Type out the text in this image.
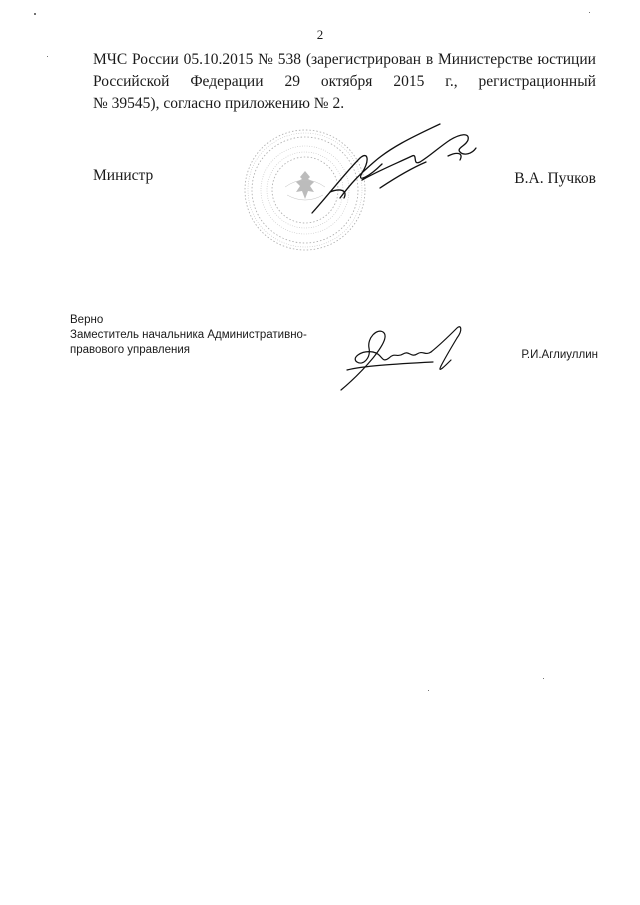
2
МЧС России 05.10.2015 № 538 (зарегистрирован в Министерстве юстиции
Российской Федерации 29 октября 2015 г., регистрационный
№ 39545), согласно приложению № 2.
Министр	В.А. Пучков
Верно
Заместитель начальника Административно-
правового управления	Р.И.Аглиуллин
